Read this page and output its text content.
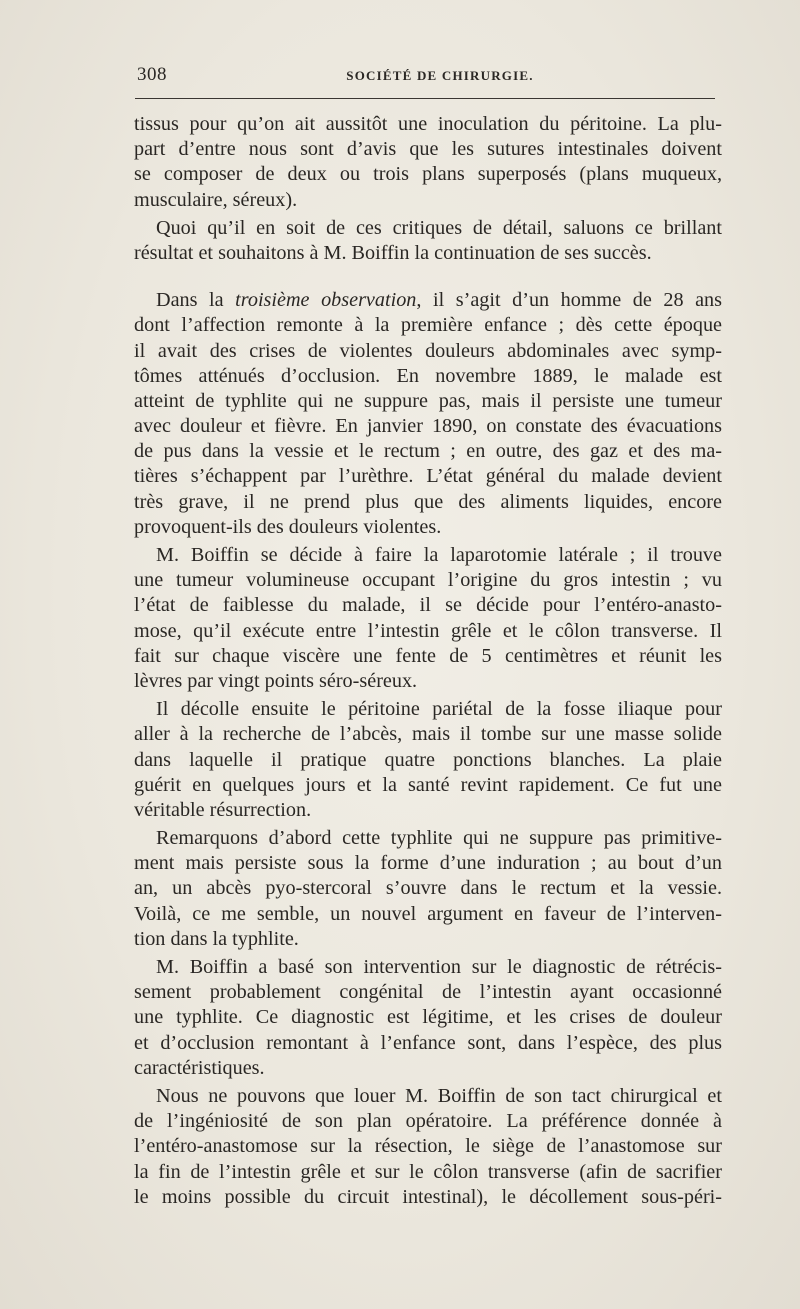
308	SOCIÉTÉ DE CHIRURGIE.
tissus pour qu’on ait aussitôt une inoculation du péritoine. La plu-
part d’entre nous sont d’avis que les sutures intestinales doivent
se composer de deux ou trois plans superposés (plans muqueux,
musculaire, séreux).
Quoi qu’il en soit de ces critiques de détail, saluons ce brillant
résultat et souhaitons à M. Boiffin la continuation de ses succès.
Dans la troisième observation, il s’agit d’un homme de 28 ans
dont l’affection remonte à la première enfance ; dès cette époque
il avait des crises de violentes douleurs abdominales avec symp-
tômes atténués d’occlusion. En novembre 1889, le malade est
atteint de typhlite qui ne suppure pas, mais il persiste une tumeur
avec douleur et fièvre. En janvier 1890, on constate des évacuations
de pus dans la vessie et le rectum ; en outre, des gaz et des ma-
tières s’échappent par l’urèthre. L’état général du malade devient
très grave, il ne prend plus que des aliments liquides, encore
provoquent-ils des douleurs violentes.
M. Boiffin se décide à faire la laparotomie latérale ; il trouve
une tumeur volumineuse occupant l’origine du gros intestin ; vu
l’état de faiblesse du malade, il se décide pour l’entéro-anasto-
mose, qu’il exécute entre l’intestin grêle et le côlon transverse. Il
fait sur chaque viscère une fente de 5 centimètres et réunit les
lèvres par vingt points séro-séreux.
Il décolle ensuite le péritoine pariétal de la fosse iliaque pour
aller à la recherche de l’abcès, mais il tombe sur une masse solide
dans laquelle il pratique quatre ponctions blanches. La plaie
guérit en quelques jours et la santé revint rapidement. Ce fut une
véritable résurrection.
Remarquons d’abord cette typhlite qui ne suppure pas primitive-
ment mais persiste sous la forme d’une induration ; au bout d’un
an, un abcès pyo-stercoral s’ouvre dans le rectum et la vessie.
Voilà, ce me semble, un nouvel argument en faveur de l’interven-
tion dans la typhlite.
M. Boiffin a basé son intervention sur le diagnostic de rétrécis-
sement probablement congénital de l’intestin ayant occasionné
une typhlite. Ce diagnostic est légitime, et les crises de douleur
et d’occlusion remontant à l’enfance sont, dans l’espèce, des plus
caractéristiques.
Nous ne pouvons que louer M. Boiffin de son tact chirurgical et
de l’ingéniosité de son plan opératoire. La préférence donnée à
l’entéro-anastomose sur la résection, le siège de l’anastomose sur
la fin de l’intestin grêle et sur le côlon transverse (afin de sacrifier
le moins possible du circuit intestinal), le décollement sous-péri-
